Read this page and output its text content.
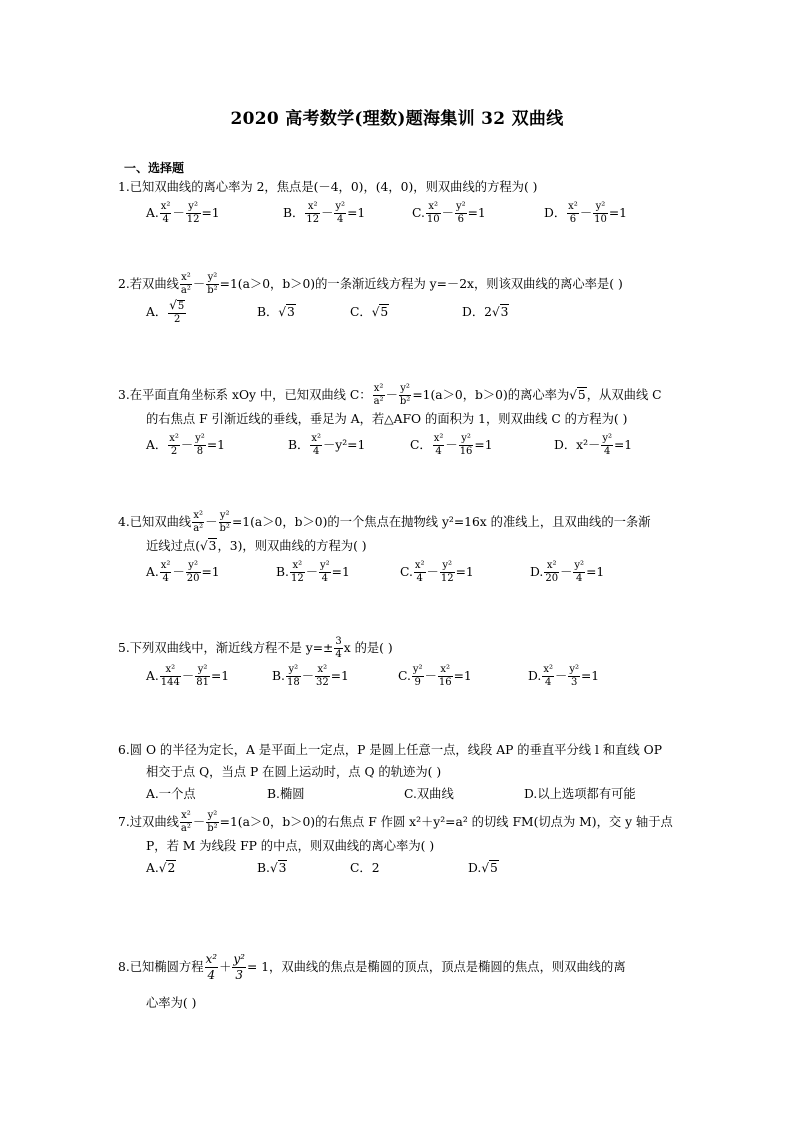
2020 高考数学(理数)题海集训 32 双曲线
一、选择题
1.已知双曲线的离心率为 2，焦点是(－4，0)，(4，0)，则双曲线的方程为( )
A. $\frac{\text{x²}}{4} - \frac{\text{y²}}{12} =1$	B． $\frac{\text{x²}}{12} - \frac{\text{y²}}{4} =1$	C. $\frac{\text{x²}}{10} - \frac{\text{y²}}{6} =1$	D． $\frac{\text{x²}}{6} - \frac{\text{y²}}{10} =1$
2.若双曲线 $\frac{\text{x²}}{\text{a²}} - \frac{\text{y²}}{\text{b²}} =1(a>0$，b＞0)的一条渐近线方程为 y=－2x，则该双曲线的离心率是( )
A． $\frac{√5}{2}$	B．√3	C．√5	D．2√3
3.在平面直角坐标系 xOy 中，已知双曲线 C： $\frac{\text{x²}}{\text{a²}} - \frac{\text{y²}}{\text{b²}} =1(a>0$，b＞0)的离心率为√5，从双曲线 C
的右焦点 F 引渐近线的垂线，垂足为 A，若△AFO 的面积为 1，则双曲线 C 的方程为( )
A． $\frac{\text{x²}}{2} - \frac{\text{y²}}{8} =1$	B． $\frac{\text{x²}}{4} -y^2=1$	C． $\frac{\text{x²}}{4} - \frac{\text{y²}}{16} =1$	D．$x^2- \frac{\text{y²}}{4} =1$
4.已知双曲线 $\frac{\text{x²}}{\text{a²}} - \frac{\text{y²}}{\text{b²}} =1(a>0$，b＞0)的一个焦点在抛物线 y²=16x 的准线上，且双曲线的一条渐
近线过点(√3，3)，则双曲线的方程为( )
A. $\frac{\text{x²}}{4} - \frac{\text{y²}}{20} =1$	B. $\frac{\text{x²}}{12} - \frac{\text{y²}}{4} =1$	C. $\frac{\text{x²}}{4} - \frac{\text{y²}}{12} =1$	D. $\frac{\text{x²}}{20} - \frac{\text{y²}}{4} =1$
5.下列双曲线中，渐近线方程不是 $y=\pm \frac{3}{4}$ x 的是( )
A. $\frac{\text{x²}}{144} - \frac{\text{y²}}{81} =1$	B. $\frac{\text{y²}}{18} - \frac{\text{x²}}{32} =1$	C. $\frac{\text{y²}}{9} - \frac{\text{x²}}{16} =1$	D. $\frac{\text{x²}}{4} - \frac{\text{y²}}{3} =1$
6.圆 O 的半径为定长，A 是平面上一定点，P 是圆上任意一点，线段 AP 的垂直平分线 l 和直线 OP
相交于点 Q，当点 P 在圆上运动时，点 Q 的轨迹为( )
A.一个点	B.椭圆	C.双曲线	D.以上选项都有可能
7.过双曲线 $\frac{\text{x²}}{\text{a²}} - \frac{\text{y²}}{\text{b²}} =1(a>0$，b＞0)的右焦点 F 作圆 x²＋y²=a² 的切线 FM(切点为 M)，交 y 轴于点
P，若 M 为线段 FP 的中点，则双曲线的离心率为( )
A.√2	B.√3	C．2	D.√5
8.已知椭圆方程 $\frac{\text{x²}}{4} + \frac{\text{y²}}{3} = 1$，双曲线的焦点是椭圆的顶点，顶点是椭圆的焦点，则双曲线的离
心率为( )
